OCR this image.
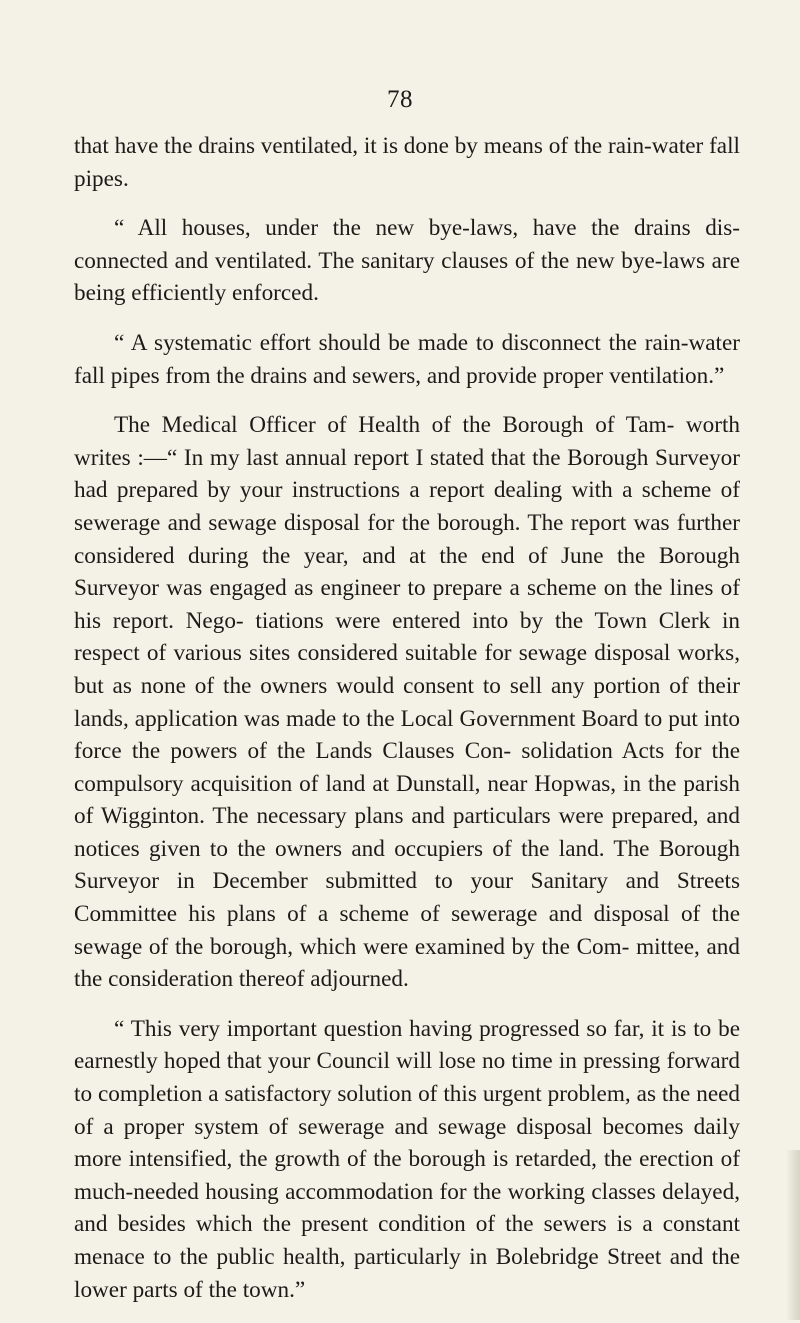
78

that have the drains ventilated, it is done by means of the rain-water fall pipes.

“ All houses, under the new bye-laws, have the drains dis- connected and ventilated. The sanitary clauses of the new bye-laws are being efficiently enforced.

“ A systematic effort should be made to disconnect the rain-water fall pipes from the drains and sewers, and provide proper ventilation.”

The Medical Officer of Health of the Borough of Tam- worth writes :—“ In my last annual report I stated that the Borough Surveyor had prepared by your instructions a report dealing with a scheme of sewerage and sewage disposal for the borough. The report was further considered during the year, and at the end of June the Borough Surveyor was engaged as engineer to prepare a scheme on the lines of his report. Nego- tiations were entered into by the Town Clerk in respect of various sites considered suitable for sewage disposal works, but as none of the owners would consent to sell any portion of their lands, application was made to the Local Government Board to put into force the powers of the Lands Clauses Con- solidation Acts for the compulsory acquisition of land at Dunstall, near Hopwas, in the parish of Wigginton. The necessary plans and particulars were prepared, and notices given to the owners and occupiers of the land. The Borough Surveyor in December submitted to your Sanitary and Streets Committee his plans of a scheme of sewerage and disposal of the sewage of the borough, which were examined by the Com- mittee, and the consideration thereof adjourned.

“ This very important question having progressed so far, it is to be earnestly hoped that your Council will lose no time in pressing forward to completion a satisfactory solution of this urgent problem, as the need of a proper system of sewerage and sewage disposal becomes daily more intensified, the growth of the borough is retarded, the erection of much-needed housing accommodation for the working classes delayed, and besides which the present condition of the sewers is a constant menace to the public health, particularly in Bolebridge Street and the lower parts of the town.”
